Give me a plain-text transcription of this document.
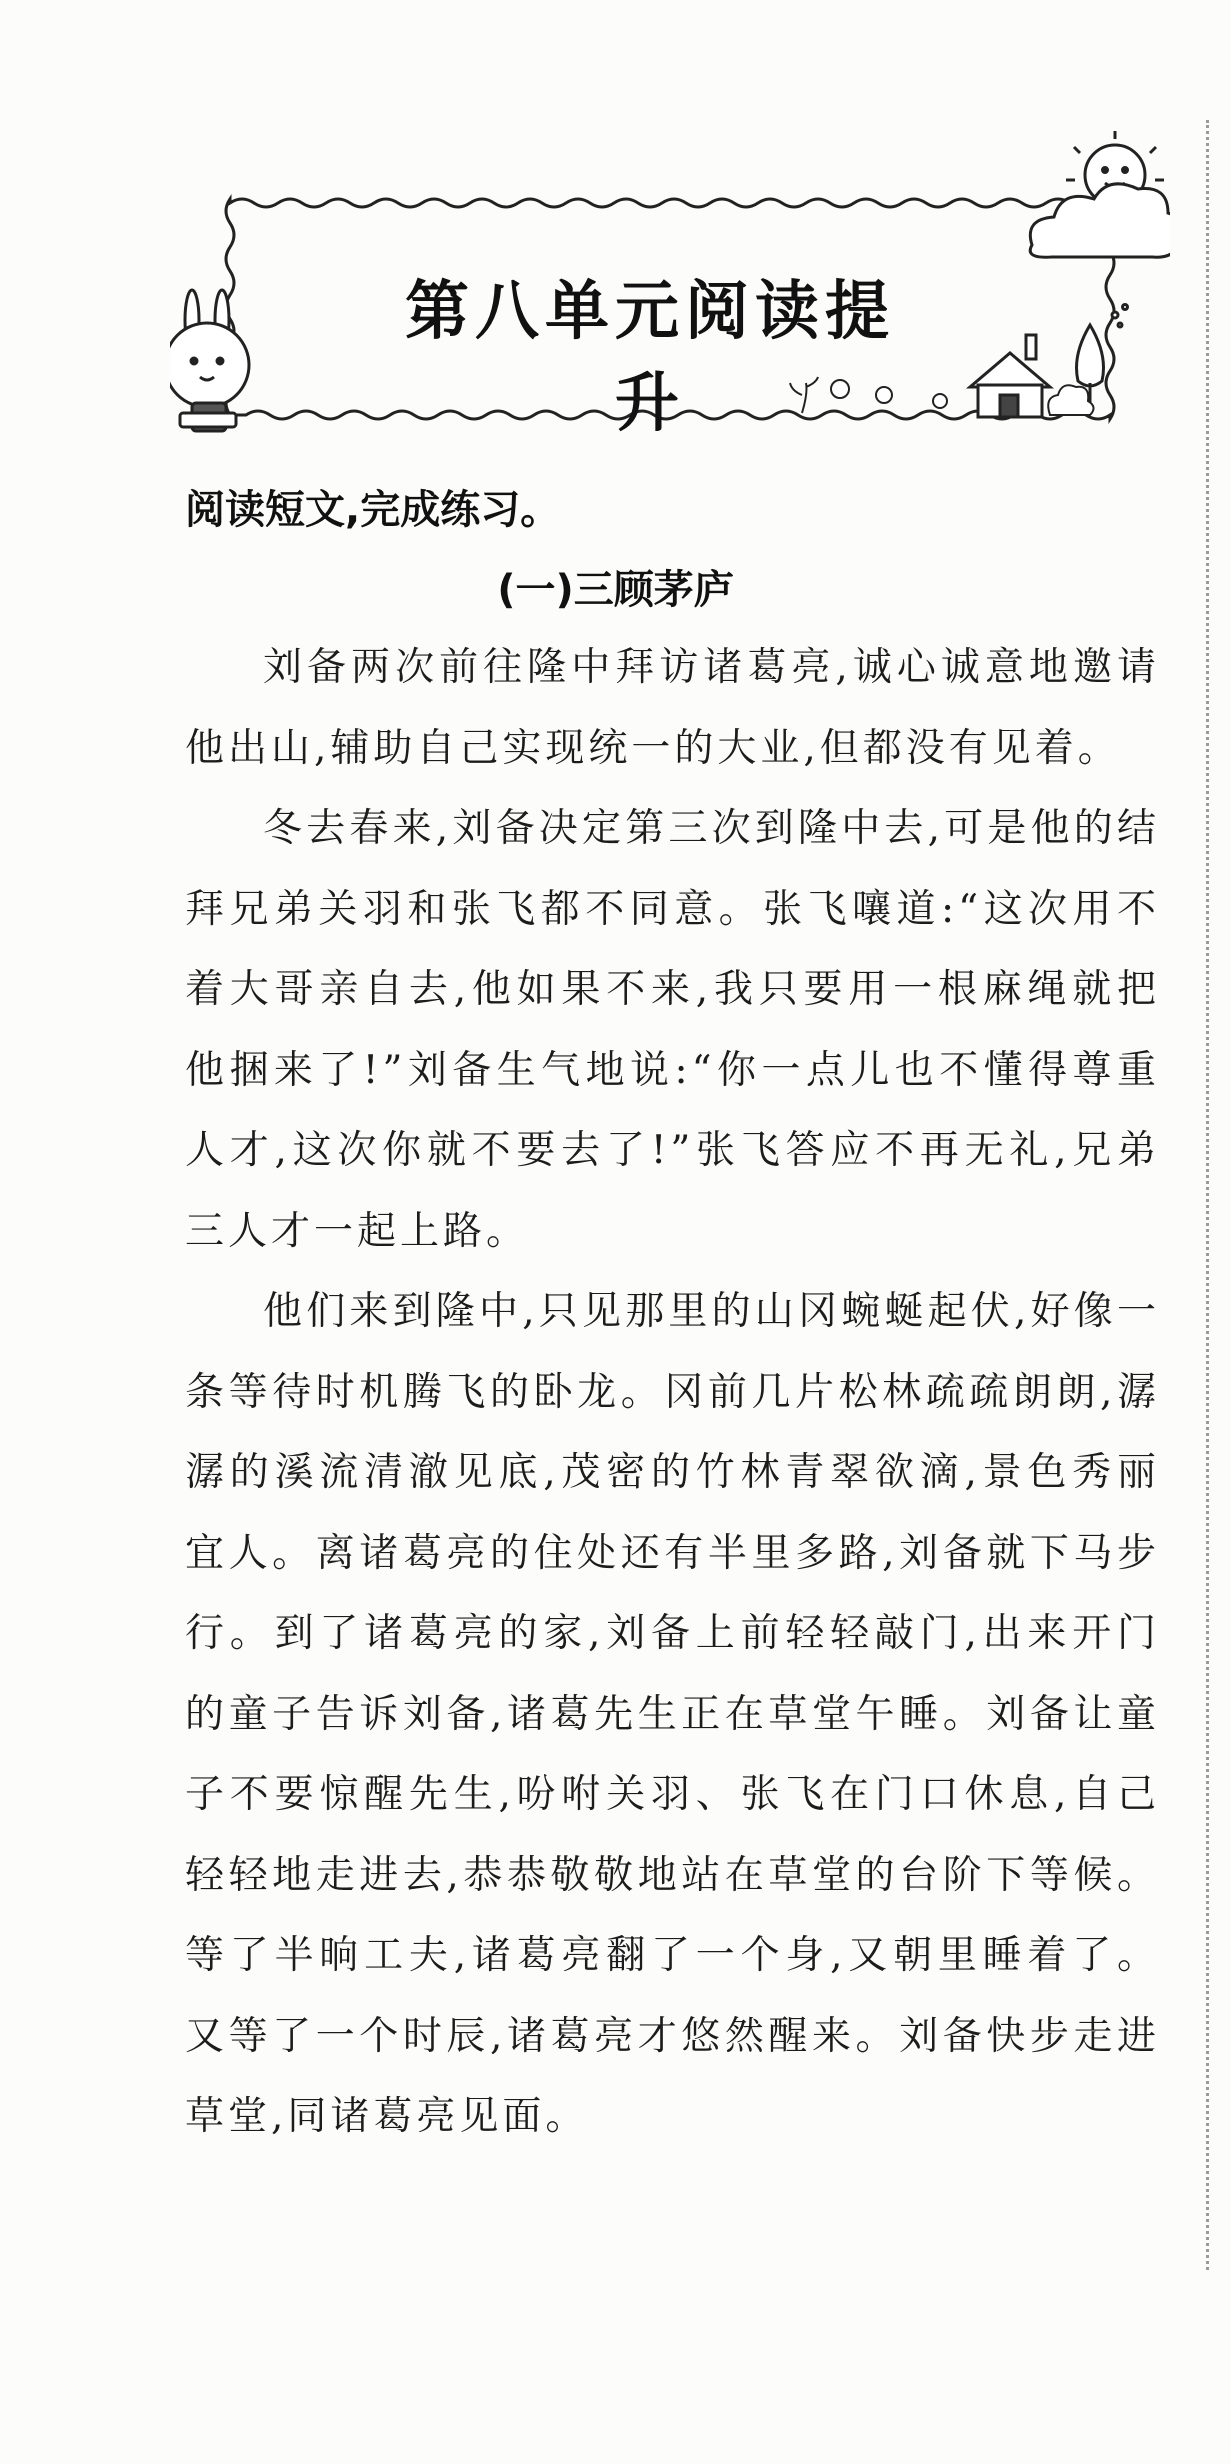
第八单元阅读提升
阅读短文,完成练习。
(一)三顾茅庐

刘备两次前往隆中拜访诸葛亮,诚心诚意地邀请他出山,辅助自己实现统一的大业,但都没有见着。

冬去春来,刘备决定第三次到隆中去,可是他的结拜兄弟关羽和张飞都不同意。张飞嚷道:“这次用不着大哥亲自去,他如果不来,我只要用一根麻绳就把他捆来了!”刘备生气地说:“你一点儿也不懂得尊重人才,这次你就不要去了!”张飞答应不再无礼,兄弟三人才一起上路。

他们来到隆中,只见那里的山冈蜿蜒起伏,好像一条等待时机腾飞的卧龙。冈前几片松林疏疏朗朗,潺潺的溪流清澈见底,茂密的竹林青翠欲滴,景色秀丽宜人。离诸葛亮的住处还有半里多路,刘备就下马步行。到了诸葛亮的家,刘备上前轻轻敲门,出来开门的童子告诉刘备,诸葛先生正在草堂午睡。刘备让童子不要惊醒先生,吩咐关羽、张飞在门口休息,自己轻轻地走进去,恭恭敬敬地站在草堂的台阶下等候。等了半晌工夫,诸葛亮翻了一个身,又朝里睡着了。又等了一个时辰,诸葛亮才悠然醒来。刘备快步走进草堂,同诸葛亮见面。
